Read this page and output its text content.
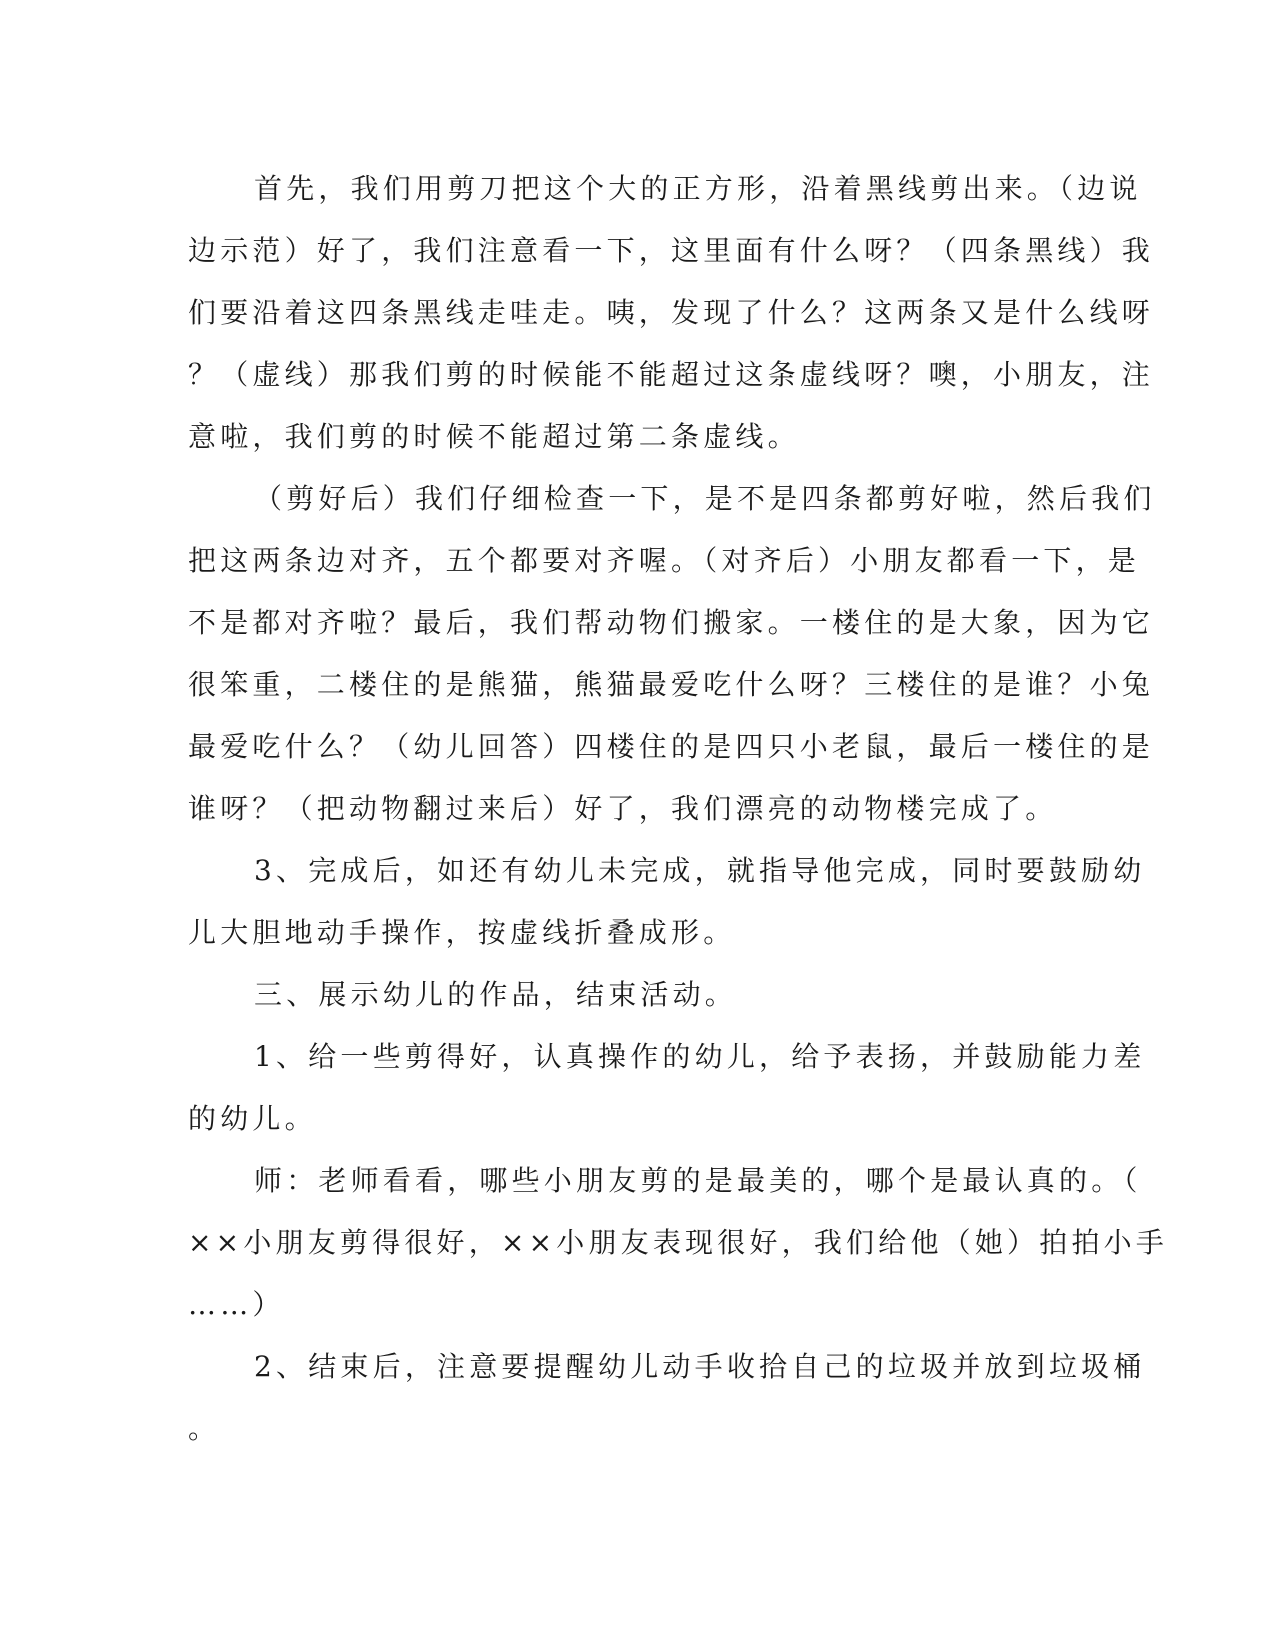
首先，我们用剪刀把这个大的正方形，沿着黑线剪出来。（边说
边示范）好了，我们注意看一下，这里面有什么呀？（四条黑线）我
们要沿着这四条黑线走哇走。咦，发现了什么？这两条又是什么线呀
？（虚线）那我们剪的时候能不能超过这条虚线呀？噢，小朋友，注
意啦，我们剪的时候不能超过第二条虚线。
（剪好后）我们仔细检查一下，是不是四条都剪好啦，然后我们
把这两条边对齐，五个都要对齐喔。（对齐后）小朋友都看一下，是
不是都对齐啦？最后，我们帮动物们搬家。一楼住的是大象，因为它
很笨重，二楼住的是熊猫，熊猫最爱吃什么呀？三楼住的是谁？小兔
最爱吃什么？（幼儿回答）四楼住的是四只小老鼠，最后一楼住的是
谁呀？（把动物翻过来后）好了，我们漂亮的动物楼完成了。
3、完成后，如还有幼儿未完成，就指导他完成，同时要鼓励幼
儿大胆地动手操作，按虚线折叠成形。
三、展示幼儿的作品，结束活动。
1、给一些剪得好，认真操作的幼儿，给予表扬，并鼓励能力差
的幼儿。
师：老师看看，哪些小朋友剪的是最美的，哪个是最认真的。（
××小朋友剪得很好，××小朋友表现很好，我们给他（她）拍拍小手
……）
2、结束后，注意要提醒幼儿动手收拾自己的垃圾并放到垃圾桶
。
